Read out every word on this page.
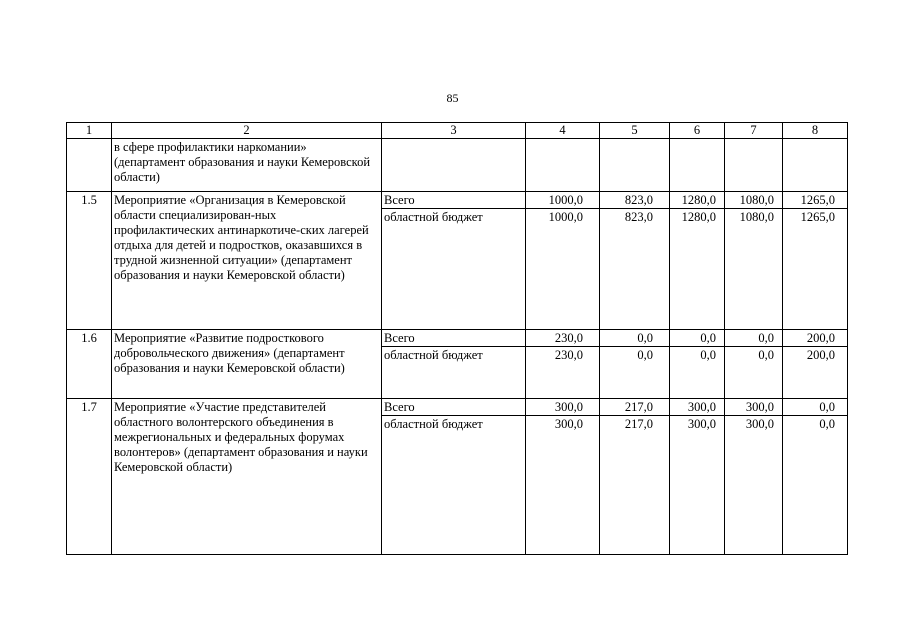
85
1	2	3	4	5	6	7	8
	в сфере профилактики наркомании» (департамент образования и науки Кемеровской области)						
1.5	Мероприятие «Организация в Кемеровской области специализирован-ных профилактических антинаркотиче-ских лагерей отдыха для детей и подростков, оказавшихся в трудной жизненной ситуации» (департамент образования и науки Кемеровской области)	Всего	1000,0	823,0	1280,0	1080,0	1265,0
		областной бюджет	1000,0	823,0	1280,0	1080,0	1265,0
1.6	Мероприятие «Развитие подросткового добровольческого движения» (департамент образования и науки Кемеровской области)	Всего	230,0	0,0	0,0	0,0	200,0
		областной бюджет	230,0	0,0	0,0	0,0	200,0
1.7	Мероприятие «Участие представителей областного волонтерского объединения в межрегиональных и федеральных форумах волонтеров» (департамент образования и науки Кемеровской области)	Всего	300,0	217,0	300,0	300,0	0,0
		областной бюджет	300,0	217,0	300,0	300,0	0,0
